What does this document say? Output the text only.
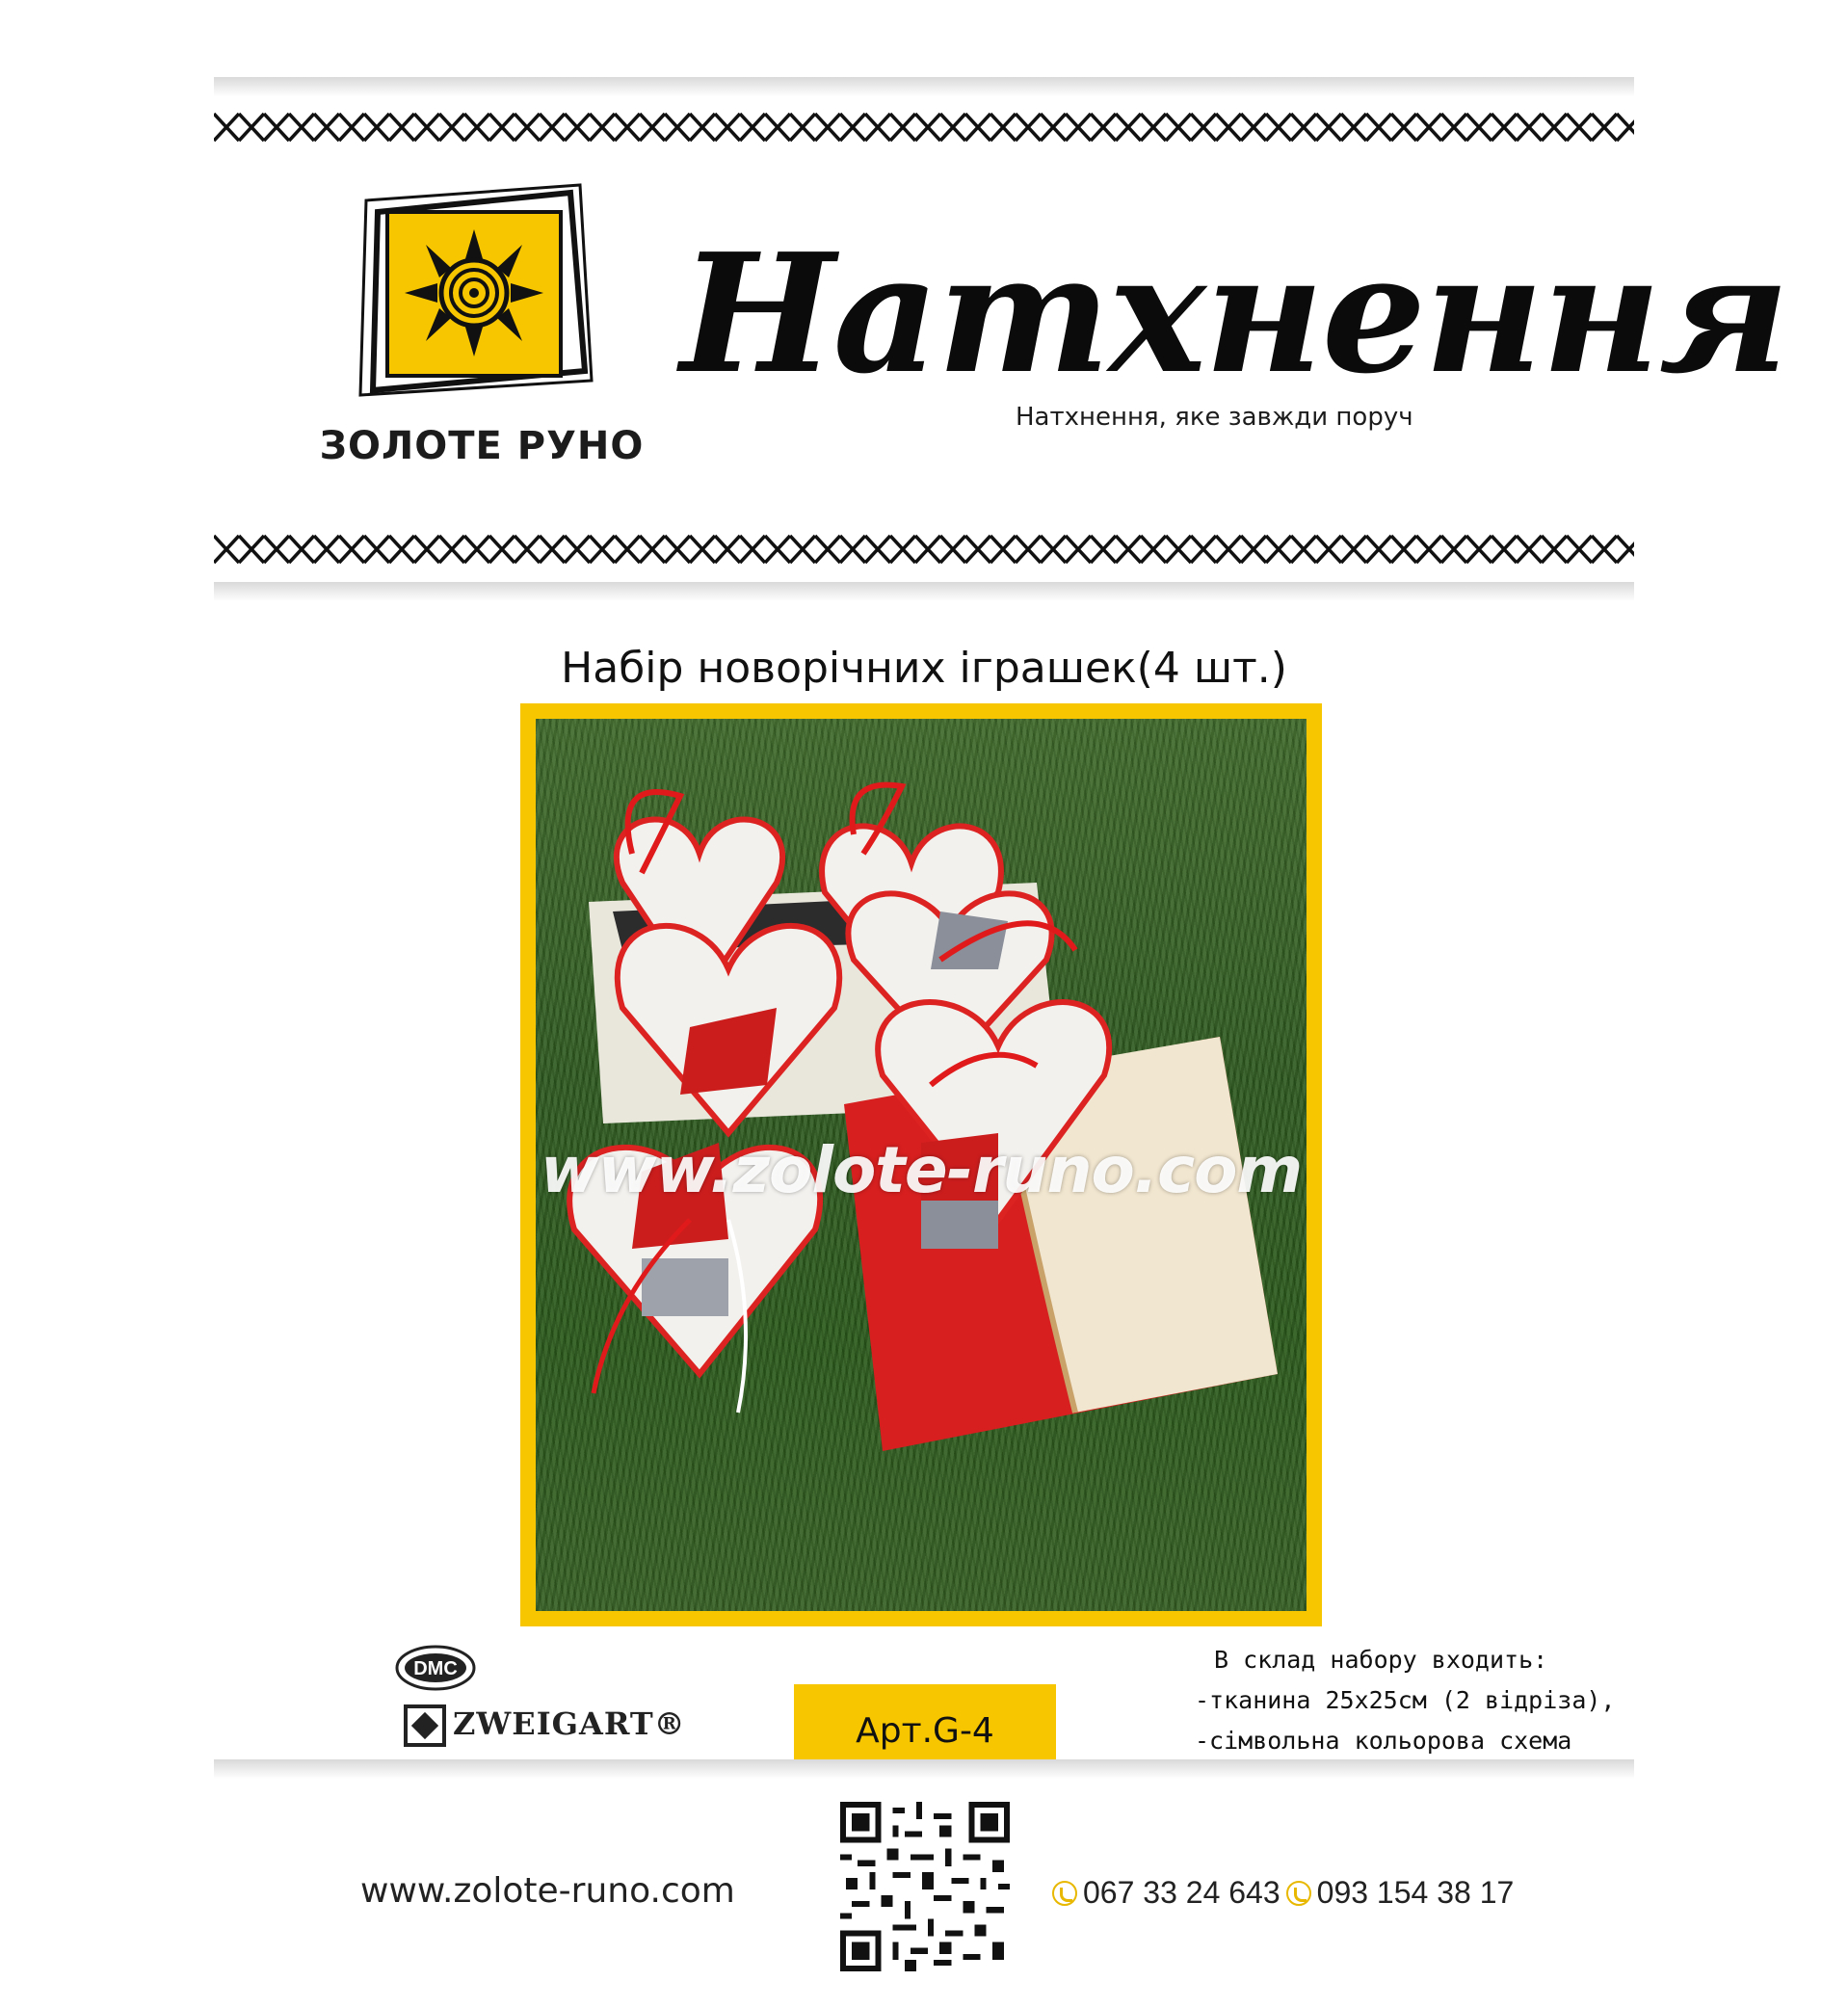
ЗОЛОТЕ РУНО
Натхнення
Натхнення, яке завжди поруч
Набір новорічних іграшек(4 шт.)
www.zolote-runo.com
DMC
ZWEIGART®	Арт.G-4
В склад набору входить:
-тканина 25х25см (2 відріза),
-сімвольна кольорова схема
www.zolote-runo.com	067 33 24 643 093 154 38 17
